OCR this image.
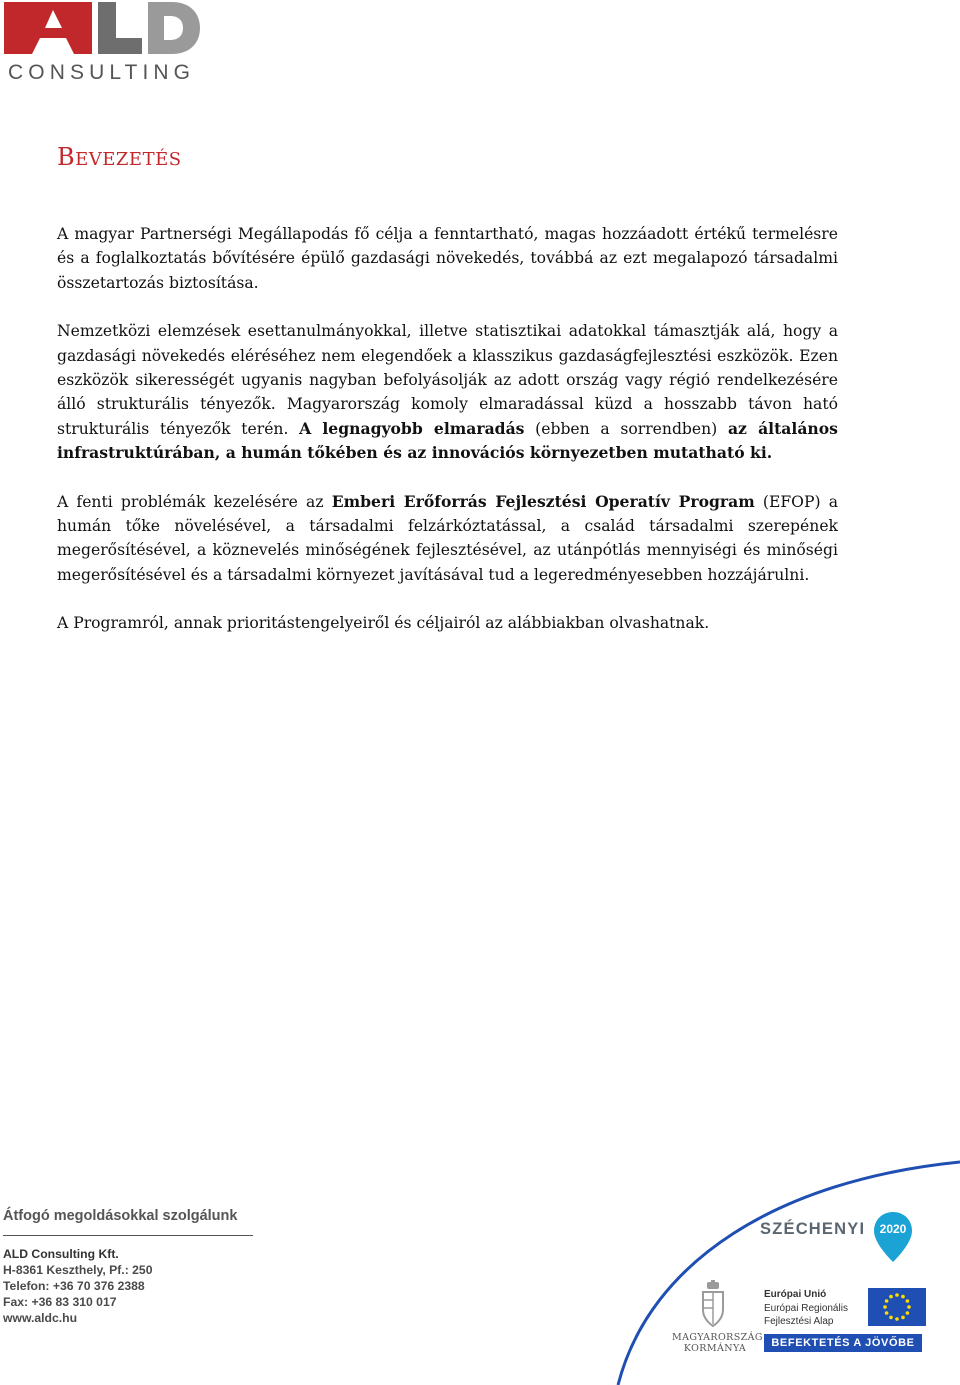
CONSULTING
BEVEZETÉS

A magyar Partnerségi Megállapodás fő célja a fenntartható, magas hozzáadott értékű termelésre és a foglalkoztatás bővítésére épülő gazdasági növekedés, továbbá az ezt megalapozó társadalmi összetartozás biztosítása.

Nemzetközi elemzések esettanulmányokkal, illetve statisztikai adatokkal támasztják alá, hogy a gazdasági növekedés eléréséhez nem elegendőek a klasszikus gazdaságfejlesztési eszközök. Ezen eszközök sikerességét ugyanis nagyban befolyásolják az adott ország vagy régió rendelkezésére álló strukturális tényezők. Magyarország komoly elmaradással küzd a hosszabb távon ható strukturális tényezők terén. A legnagyobb elmaradás (ebben a sorrendben) az általános infrastruktúrában, a humán tőkében és az innovációs környezetben mutatható ki.

A fenti problémák kezelésére az Emberi Erőforrás Fejlesztési Operatív Program (EFOP) a humán tőke növelésével, a társadalmi felzárkóztatással, a család társadalmi szerepének megerősítésével, a köznevelés minőségének fejlesztésével, az utánpótlás mennyiségi és minőségi megerősítésével és a társadalmi környezet javításával tud a legeredményesebben hozzájárulni.

A Programról, annak prioritástengelyeiről és céljairól az alábbiakban olvashatnak.

Átfogó megoldásokkal szolgálunk
ALD Consulting Kft.
H-8361 Keszthely, Pf.: 250
Telefon: +36 70 376 2388
Fax: +36 83 310 017
www.aldc.hu
SZÉCHENYI	2020
MAGYARORSZÁG
KORMÁNYA
Európai Unió
Európai Regionális
Fejlesztési Alap
BEFEKTETÉS A JÖVŐBE
